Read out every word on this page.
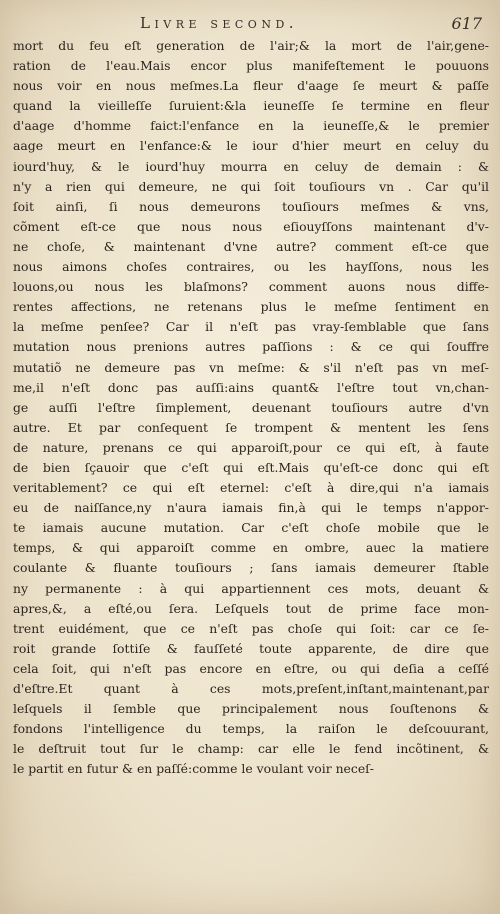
Livre second.	617
mort du feu eſt generation de l'air;& la mort de l'air,gene-
ration de l'eau.Mais encor plus manifeſtement le pouuons
nous voir en nous meſmes.La fleur d'aage ſe meurt & paſſe
quand la vieilleſſe ſuruient:&la ieuneſſe ſe termine en fleur
d'aage d'homme faict:l'enfance en la ieuneſſe,& le premier
aage meurt en l'enfance:& le iour d'hier meurt en celuy du
iourd'huy, & le iourd'huy mourra en celuy de demain : &
n'y a rien qui demeure, ne qui ſoit touſiours vn . Car qu'il
ſoit ainſi, ſi nous demeurons touſiours meſmes & vns,
cõment eſt-ce que nous nous eſiouyſſons maintenant d'v-
ne choſe, & maintenant d'vne autre? comment eſt-ce que
nous aimons choſes contraires, ou les hayſſons, nous les
louons,ou nous les blaſmons? comment auons nous diffe-
rentes affections, ne retenans plus le meſme ſentiment en
la meſme penſee? Car il n'eſt pas vray-ſemblable que ſans
mutation nous prenions autres paſſions : & ce qui ſouffre
mutatiõ ne demeure pas vn meſme: & s'il n'eſt pas vn meſ-
me,il n'eſt donc pas auſſi:ains quant& l'eſtre tout vn,chan-
ge auſſi l'eſtre ſimplement, deuenant touſiours autre d'vn
autre. Et par conſequent ſe trompent & mentent les ſens
de nature, prenans ce qui apparoiſt,pour ce qui eſt, à faute
de bien ſçauoir que c'eſt qui eſt.Mais qu'eſt-ce donc qui eſt
veritablement? ce qui eſt eternel: c'eſt à dire,qui n'a iamais
eu de naiſſance,ny n'aura iamais fin,à qui le temps n'appor-
te iamais aucune mutation. Car c'eſt choſe mobile que le
temps, & qui apparoiſt comme en ombre, auec la matiere
coulante & fluante touſiours ; ſans iamais demeurer ſtable
ny permanente : à qui appartiennent ces mots, deuant &
apres,&, a eſté,ou ſera. Leſquels tout de prime face mon-
trent euidément, que ce n'eſt pas choſe qui ſoit: car ce ſe-
roit grande ſottiſe & fauſſeté toute apparente, de dire que
cela ſoit, qui n'eſt pas encore en eſtre, ou qui deſia a ceſſé
d'eſtre.Et quant à ces mots,preſent,inſtant,maintenant,par
leſquels il ſemble que principalement nous ſouſtenons &
fondons l'intelligence du temps, la raiſon le deſcouurant,
le deſtruit tout ſur le champ: car elle le fend incõtinent, &
le partit en futur & en paſſé:comme le voulant voir neceſ-
